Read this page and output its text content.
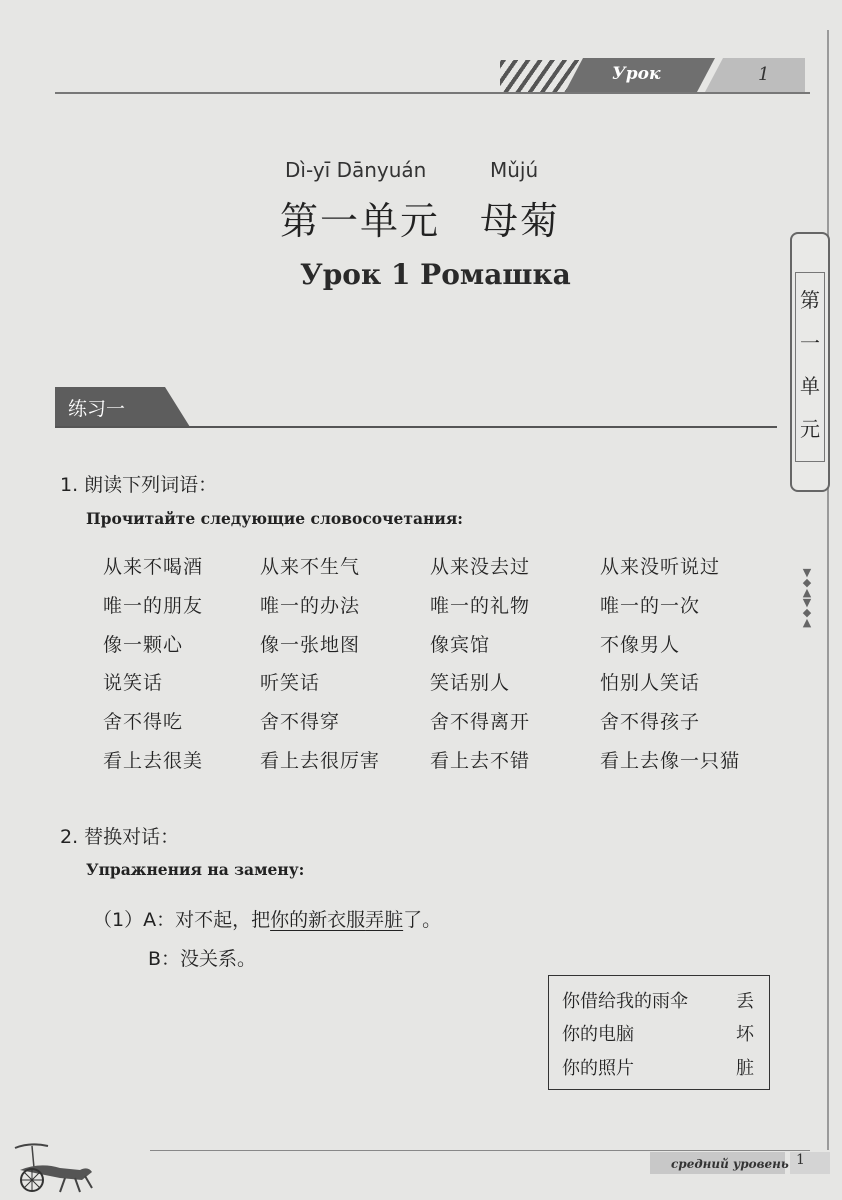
Урок	1
第
一
单
元
▼
◆
▲
▼
◆
▲
Dì-yī Dānyuán	Mǔjú
第一单元　母菊
Урок 1 Ромашка
练习一
1. 朗读下列词语：
Прочитайте следующие словосочетания:
从来不喝酒	从来不生气	从来没去过	从来没听说过
唯一的朋友	唯一的办法	唯一的礼物	唯一的一次
像一颗心	像一张地图	像宾馆	不像男人
说笑话	听笑话	笑话别人	怕别人笑话
舍不得吃	舍不得穿	舍不得离开	舍不得孩子
看上去很美	看上去很厉害	看上去不错	看上去像一只猫
2. 替换对话：
Упражнения на замену:
（1）A：对不起，把你的新衣服弄脏了。
B：没关系。
你借给我的雨伞	丢
你的电脑	坏
你的照片	脏
средний уровень 1
